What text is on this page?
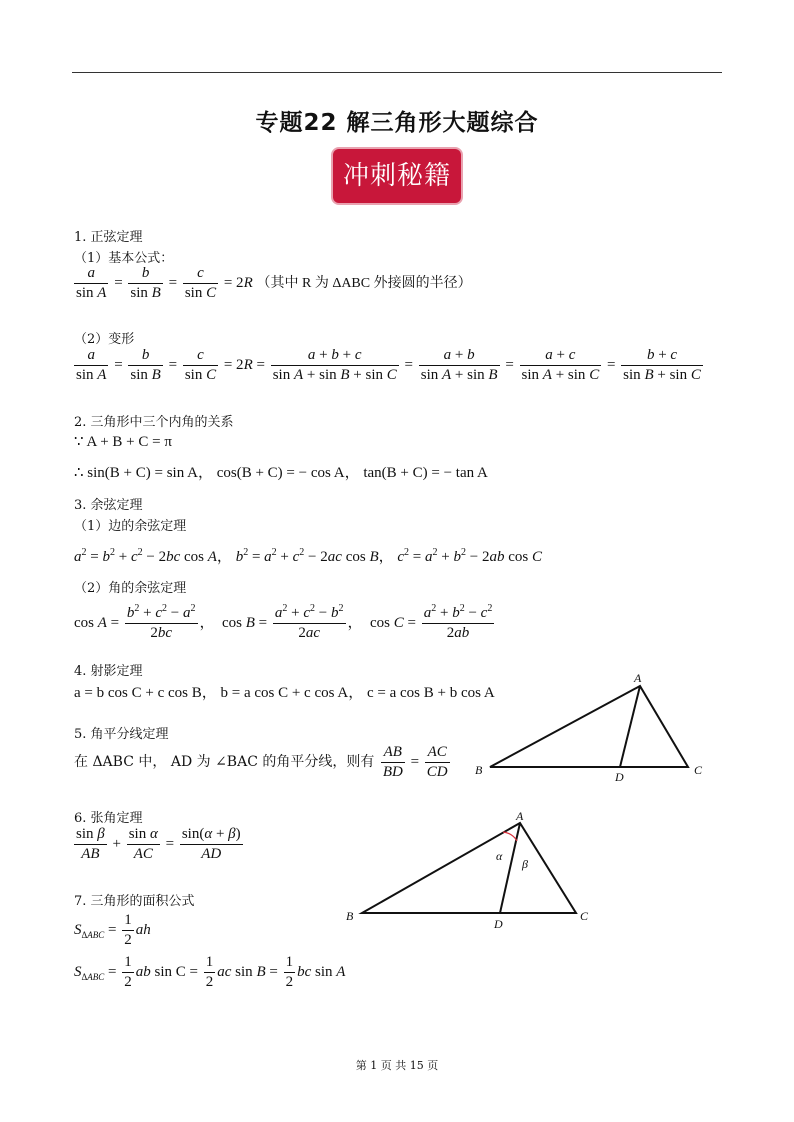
专题22 解三角形大题综合
冲刺秘籍
1. 正弦定理
（1）基本公式：
$\frac{a}{\text{sin A}} = \frac{b}{\text{sin B}} = \frac{c}{\text{sin C}} = 2R$ （其中 R 为 ΔABC 外接圆的半径）
（2）变形
$\frac{a}{\text{sin A}} = \frac{b}{\text{sin B}} = \frac{c}{\text{sin C}} = 2R = \frac{a + b + c}{\text{sin A + sin B + sin C}} = \frac{a + b}{\text{sin A + sin B}} = \frac{a + c}{\text{sin A + sin C}} = \frac{b + c}{\text{sin B + sin C}}$
2. 三角形中三个内角的关系
∵ A + B + C = π
∴ sin(B + C) = sin A， cos(B + C) = − cos A， tan(B + C) = − tan A
3. 余弦定理
（1）边的余弦定理
$a^2 = b^2 + c^2 - 2bc$ cos A， $b^2 = a^2 + c^2 - 2ac$ cos B， $c^2 = a^2 + b^2 - 2ab$ cos C
（2）角的余弦定理
$\cos A = \frac{b^2 + c^2 - a^2}{2bc}$ ，  $\cos B = \frac{a^2 + c^2 - b^2}{2ac}$ ，  $\cos C = \frac{a^2 + b^2 - c^2}{2ab}$
4. 射影定理
a = b cos C + c cos B， b = a cos C + c cos A， c = a cos B + b cos A
5. 角平分线定理
在 ΔABC 中， AD 为 ∠BAC 的角平分线，则有 $\frac{AB}{BD} = \frac{AC}{CD}$
A
B	C
D
6. 张角定理
$\frac{\text{sin β}}{AB} + \frac{\text{sin α}}{AC} = \frac{\sin(\alpha + \beta)}{AD}$
A
B	C
D
α
β
7. 三角形的面积公式
$S_{\Delta ABC} = \frac{1}{2}$ ah
$S_{\Delta ABC} = \frac{1}{2}$ ab $\sin C = \frac{1}{2}$ ac $\sin B = \frac{1}{2}$ bc sin A
第 1 页 共 15 页
